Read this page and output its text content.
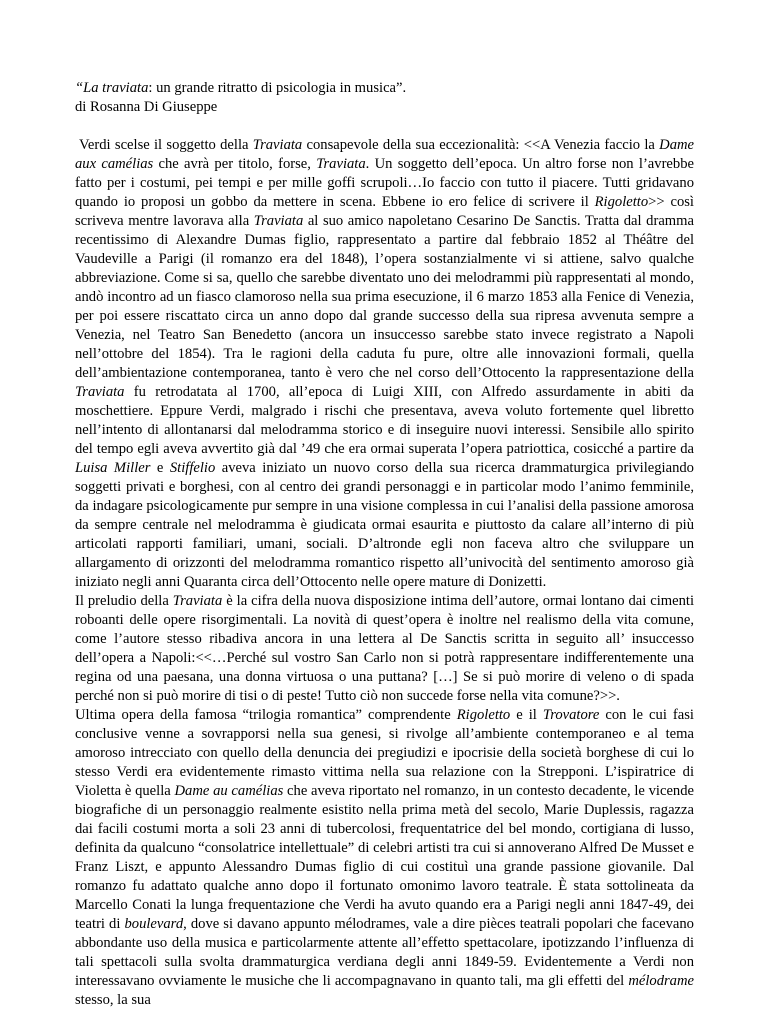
“La traviata: un grande ritratto di psicologia in musica”.
di Rosanna Di Giuseppe

Verdi scelse il soggetto della Traviata consapevole della sua eccezionalità: <<A Venezia faccio la Dame aux camélias che avrà per titolo, forse, Traviata. Un soggetto dell’epoca. Un altro forse non l’avrebbe fatto per i costumi, pei tempi e per mille goffi scrupoli…Io faccio con tutto il piacere. Tutti gridavano quando io proposi un gobbo da mettere in scena. Ebbene io ero felice di scrivere il Rigoletto>> così scriveva mentre lavorava alla Traviata al suo amico napoletano Cesarino De Sanctis. Tratta dal dramma recentissimo di Alexandre Dumas figlio, rappresentato a partire dal febbraio 1852 al Théâtre del Vaudeville a Parigi (il romanzo era del 1848), l’opera sostanzialmente vi si attiene, salvo qualche abbreviazione. Come si sa, quello che sarebbe diventato uno dei melodrammi più rappresentati al mondo, andò incontro ad un fiasco clamoroso nella sua prima esecuzione, il 6 marzo 1853 alla Fenice di Venezia, per poi essere riscattato circa un anno dopo dal grande successo della sua ripresa avvenuta sempre a Venezia, nel Teatro San Benedetto (ancora un insuccesso sarebbe stato invece registrato a Napoli nell’ottobre del 1854). Tra le ragioni della caduta fu pure, oltre alle innovazioni formali, quella dell’ambientazione contemporanea, tanto è vero che nel corso dell’Ottocento la rappresentazione della Traviata fu retrodatata al 1700, all’epoca di Luigi XIII, con Alfredo assurdamente in abiti da moschettiere. Eppure Verdi, malgrado i rischi che presentava, aveva voluto fortemente quel libretto nell’intento di allontanarsi dal melodramma storico e di inseguire nuovi interessi. Sensibile allo spirito del tempo egli aveva avvertito già dal ’49 che era ormai superata l’opera patriottica, cosicché a partire da Luisa Miller e Stiffelio aveva iniziato un nuovo corso della sua ricerca drammaturgica privilegiando soggetti privati e borghesi, con al centro dei grandi personaggi e in particolar modo l’animo femminile, da indagare psicologicamente pur sempre in una visione complessa in cui l’analisi della passione amorosa da sempre centrale nel melodramma è giudicata ormai esaurita e piuttosto da calare all’interno di più articolati rapporti familiari, umani, sociali. D’altronde egli non faceva altro che sviluppare un allargamento di orizzonti del melodramma romantico rispetto all’univocità del sentimento amoroso già iniziato negli anni Quaranta circa dell’Ottocento nelle opere mature di Donizetti.

Il preludio della Traviata è la cifra della nuova disposizione intima dell’autore, ormai lontano dai cimenti roboanti delle opere risorgimentali. La novità di quest’opera è inoltre nel realismo della vita comune, come l’autore stesso ribadiva ancora in una lettera al De Sanctis scritta in seguito all’ insuccesso dell’opera a Napoli:<<…Perché sul vostro San Carlo non si potrà rappresentare indifferentemente una regina od una paesana, una donna virtuosa o una puttana? […] Se si può morire di veleno o di spada perché non si può morire di tisi o di peste! Tutto ciò non succede forse nella vita comune?>>.

Ultima opera della famosa “trilogia romantica” comprendente Rigoletto e il Trovatore con le cui fasi conclusive venne a sovrapporsi nella sua genesi, si rivolge all’ambiente contemporaneo e al tema amoroso intrecciato con quello della denuncia dei pregiudizi e ipocrisie della società borghese di cui lo stesso Verdi era evidentemente rimasto vittima nella sua relazione con la Strepponi. L’ispiratrice di Violetta è quella Dame au camélias che aveva riportato nel romanzo, in un contesto decadente, le vicende biografiche di un personaggio realmente esistito nella prima metà del secolo, Marie Duplessis, ragazza dai facili costumi morta a soli 23 anni di tubercolosi, frequentatrice del bel mondo, cortigiana di lusso, definita da qualcuno “consolatrice intellettuale” di celebri artisti tra cui si annoverano Alfred De Musset e Franz Liszt, e appunto Alessandro Dumas figlio di cui costituì una grande passione giovanile. Dal romanzo fu adattato qualche anno dopo il fortunato omonimo lavoro teatrale. È stata sottolineata da Marcello Conati la lunga frequentazione che Verdi ha avuto quando era a Parigi negli anni 1847-49, dei teatri di boulevard, dove si davano appunto mélodrames, vale a dire pièces teatrali popolari che facevano abbondante uso della musica e particolarmente attente all’effetto spettacolare, ipotizzando l’influenza di tali spettacoli sulla svolta drammaturgica verdiana degli anni 1849-59. Evidentemente a Verdi non interessavano ovviamente le musiche che li accompagnavano in quanto tali, ma gli effetti del mélodrame stesso, la sua
